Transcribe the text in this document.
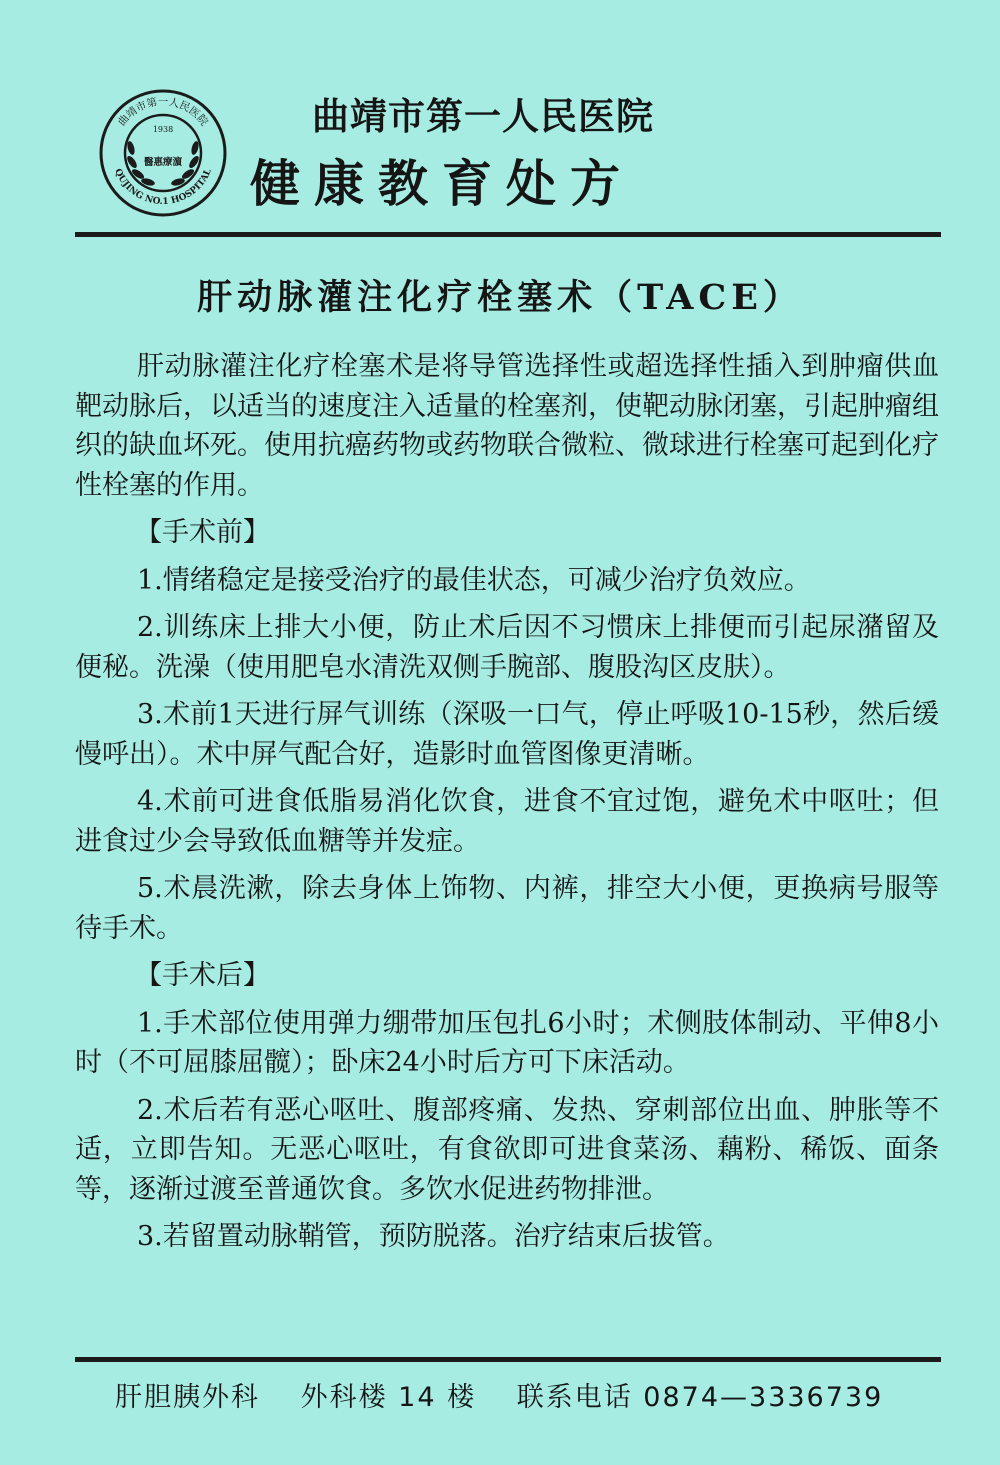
曲靖市第一人民医院
QUJING NO.1 HOSPITAL
1938
醫惠療濵
曲靖市第一人民医院
健康教育处方
肝动脉灌注化疗栓塞术（TACE）

肝动脉灌注化疗栓塞术是将导管选择性或超选择性插入到肿瘤供血靶动脉后，以适当的速度注入适量的栓塞剂，使靶动脉闭塞，引起肿瘤组织的缺血坏死。使用抗癌药物或药物联合微粒、微球进行栓塞可起到化疗性栓塞的作用。

【手术前】

1.情绪稳定是接受治疗的最佳状态，可减少治疗负效应。

2.训练床上排大小便，防止术后因不习惯床上排便而引起尿潴留及便秘。洗澡（使用肥皂水清洗双侧手腕部、腹股沟区皮肤）。

3.术前1天进行屏气训练（深吸一口气，停止呼吸10-15秒，然后缓慢呼出）。术中屏气配合好，造影时血管图像更清晰。

4.术前可进食低脂易消化饮食，进食不宜过饱，避免术中呕吐；但进食过少会导致低血糖等并发症。

5.术晨洗漱，除去身体上饰物、内裤，排空大小便，更换病号服等待手术。

【手术后】

1.手术部位使用弹力绷带加压包扎6小时；术侧肢体制动、平伸8小时（不可屈膝屈髋）；卧床24小时后方可下床活动。

2.术后若有恶心呕吐、腹部疼痛、发热、穿刺部位出血、肿胀等不适，立即告知。无恶心呕吐，有食欲即可进食菜汤、藕粉、稀饭、面条等，逐渐过渡至普通饮食。多饮水促进药物排泄。

3.若留置动脉鞘管，预防脱落。治疗结束后拔管。

肝胆胰外科 外科楼 14 楼 联系电话 0874—3336739
